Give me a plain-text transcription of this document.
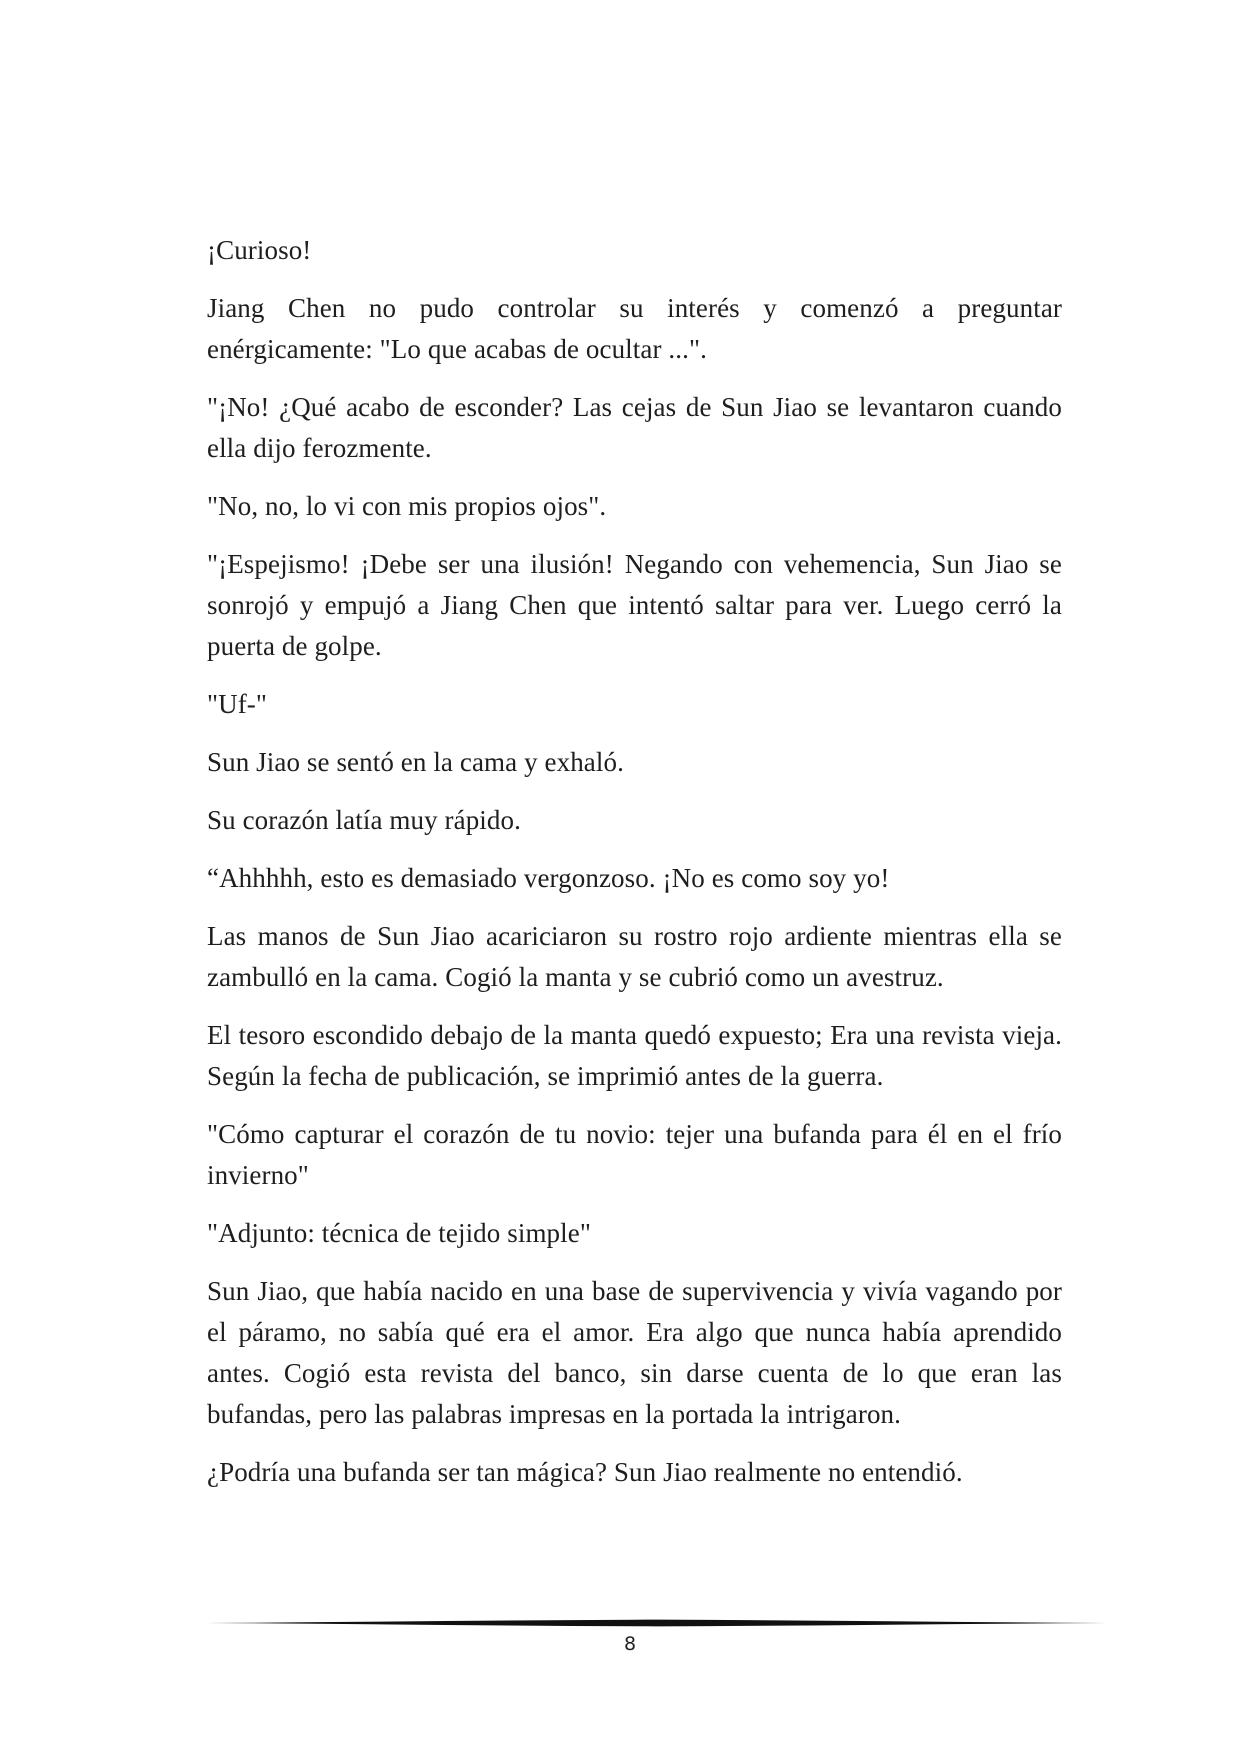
¡Curioso!

Jiang Chen no pudo controlar su interés y comenzó a preguntar enérgicamente: "Lo que acabas de ocultar ...".

"¡No! ¿Qué acabo de esconder? Las cejas de Sun Jiao se levantaron cuando ella dijo ferozmente.

"No, no, lo vi con mis propios ojos".

"¡Espejismo! ¡Debe ser una ilusión! Negando con vehemencia, Sun Jiao se sonrojó y empujó a Jiang Chen que intentó saltar para ver. Luego cerró la puerta de golpe.

"Uf-"

Sun Jiao se sentó en la cama y exhaló.

Su corazón latía muy rápido.

“Ahhhhh, esto es demasiado vergonzoso. ¡No es como soy yo!

Las manos de Sun Jiao acariciaron su rostro rojo ardiente mientras ella se zambulló en la cama. Cogió la manta y se cubrió como un avestruz.

El tesoro escondido debajo de la manta quedó expuesto; Era una revista vieja. Según la fecha de publicación, se imprimió antes de la guerra.

"Cómo capturar el corazón de tu novio: tejer una bufanda para él en el frío invierno"

"Adjunto: técnica de tejido simple"

Sun Jiao, que había nacido en una base de supervivencia y vivía vagando por el páramo, no sabía qué era el amor. Era algo que nunca había aprendido antes. Cogió esta revista del banco, sin darse cuenta de lo que eran las bufandas, pero las palabras impresas en la portada la intrigaron.

¿Podría una bufanda ser tan mágica? Sun Jiao realmente no entendió.

8
